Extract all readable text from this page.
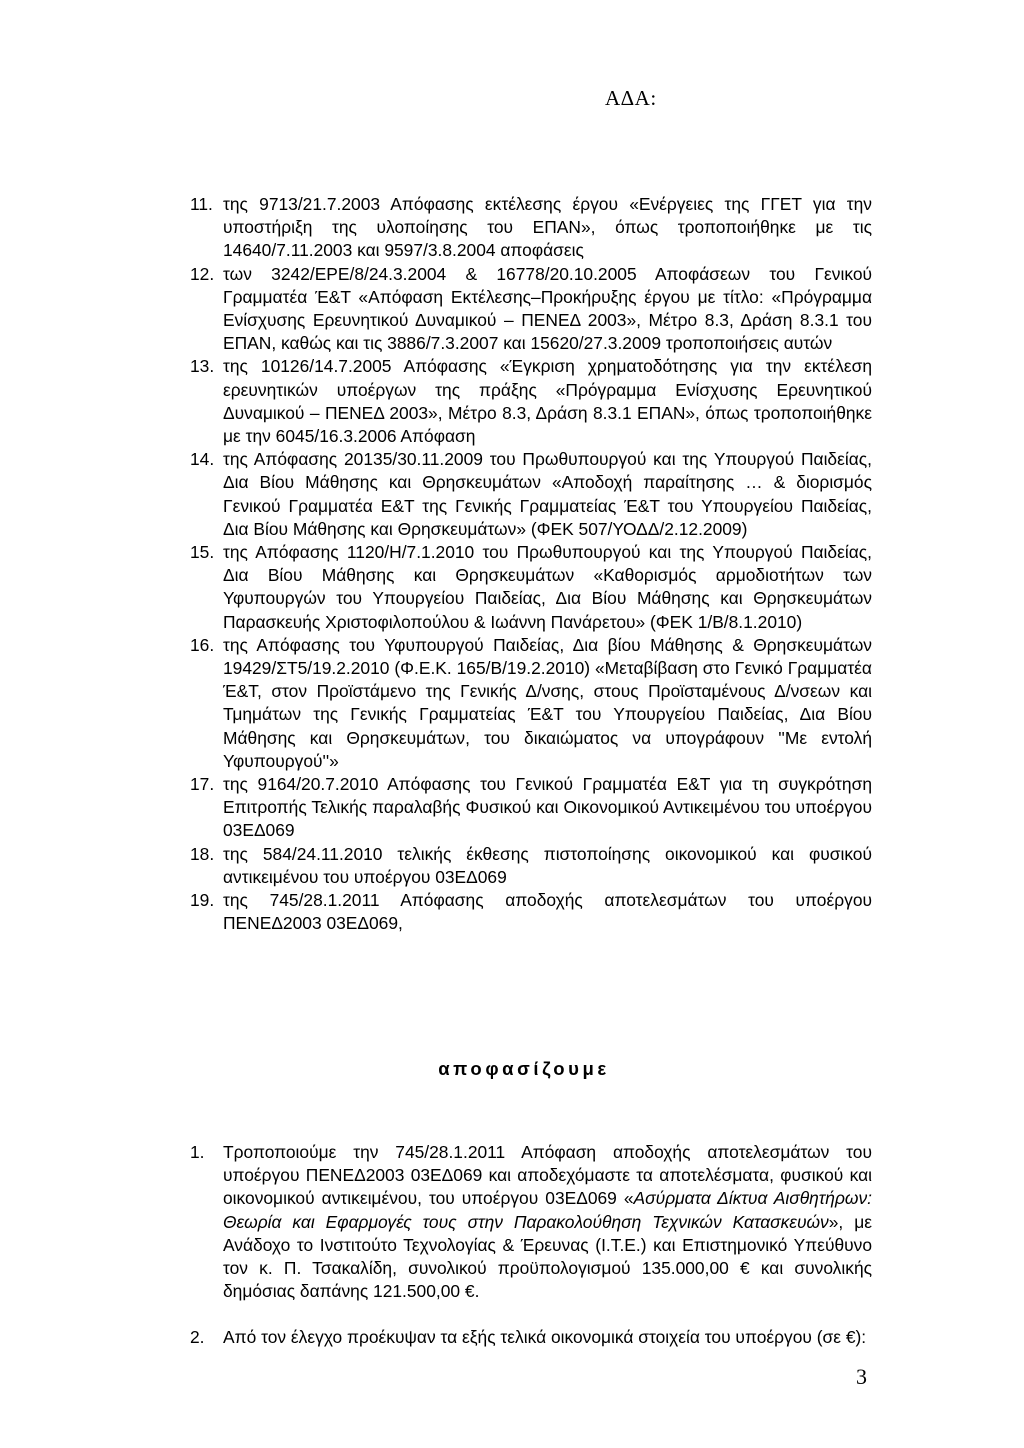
ΑΔΑ:
11. της 9713/21.7.2003 Απόφασης εκτέλεσης έργου «Ενέργειες της ΓΓΕΤ για την υποστήριξη της υλοποίησης του ΕΠΑΝ», όπως τροποποιήθηκε με τις 14640/7.11.2003 και 9597/3.8.2004 αποφάσεις
12. των 3242/ΕΡΕ/8/24.3.2004 & 16778/20.10.2005 Αποφάσεων του Γενικού Γραμματέα Έ&Τ «Απόφαση Εκτέλεσης–Προκήρυξης έργου με τίτλο: «Πρόγραμμα Ενίσχυσης Ερευνητικού Δυναμικού – ΠΕΝΕΔ 2003», Μέτρο 8.3, Δράση 8.3.1 του ΕΠΑΝ, καθώς και τις 3886/7.3.2007 και 15620/27.3.2009 τροποποιήσεις αυτών
13. της 10126/14.7.2005 Απόφασης «Έγκριση χρηματοδότησης για την εκτέλεση ερευνητικών υποέργων της πράξης «Πρόγραμμα Ενίσχυσης Ερευνητικού Δυναμικού – ΠΕΝΕΔ 2003», Μέτρο 8.3, Δράση 8.3.1 ΕΠΑΝ», όπως τροποποιήθηκε με την 6045/16.3.2006 Απόφαση
14. της Απόφασης 20135/30.11.2009 του Πρωθυπουργού και της Υπουργού Παιδείας, Δια Βίου Μάθησης και Θρησκευμάτων «Αποδοχή παραίτησης … & διορισμός Γενικού Γραμματέα Ε&Τ της Γενικής Γραμματείας Έ&Τ του Υπουργείου Παιδείας, Δια Βίου Μάθησης και Θρησκευμάτων» (ΦΕΚ 507/ΥΟΔΔ/2.12.2009)
15. της Απόφασης 1120/Η/7.1.2010 του Πρωθυπουργού και της Υπουργού Παιδείας, Δια Βίου Μάθησης και Θρησκευμάτων «Καθορισμός αρμοδιοτήτων των Υφυπουργών του Υπουργείου Παιδείας, Δια Βίου Μάθησης και Θρησκευμάτων Παρασκευής Χριστοφιλοπούλου & Ιωάννη Πανάρετου» (ΦΕΚ 1/Β/8.1.2010)
16. της Απόφασης του Υφυπουργού Παιδείας, Δια βίου Μάθησης & Θρησκευμάτων 19429/ΣΤ5/19.2.2010 (Φ.Ε.Κ. 165/Β/19.2.2010) «Μεταβίβαση στο Γενικό Γραμματέα Έ&Τ, στον Προϊστάμενο της Γενικής Δ/νσης, στους Προϊσταμένους Δ/νσεων και Τμημάτων της Γενικής Γραμματείας Έ&Τ του Υπουργείου Παιδείας, Δια Βίου Μάθησης και Θρησκευμάτων, του δικαιώματος να υπογράφουν ''Με εντολή Υφυπουργού''»
17. της 9164/20.7.2010 Απόφασης του Γενικού Γραμματέα Ε&Τ για τη συγκρότηση Επιτροπής Τελικής παραλαβής Φυσικού και Οικονομικού Αντικειμένου του υποέργου 03ΕΔ069
18. της 584/24.11.2010 τελικής έκθεσης πιστοποίησης οικονομικού και φυσικού αντικειμένου του υποέργου 03ΕΔ069
19. της 745/28.1.2011 Απόφασης αποδοχής αποτελεσμάτων του υποέργου ΠΕΝΕΔ2003 03ΕΔ069,
αποφασίζουμε
1.	Τροποποιούμε την 745/28.1.2011 Απόφαση αποδοχής αποτελεσμάτων του υποέργου ΠΕΝΕΔ2003 03ΕΔ069 και αποδεχόμαστε τα αποτελέσματα, φυσικού και οικονομικού αντικειμένου, του υποέργου 03ΕΔ069 «Ασύρματα Δίκτυα Αισθητήρων: Θεωρία και Εφαρμογές τους στην Παρακολούθηση Τεχνικών Κατασκευών», με Ανάδοχο το Ινστιτούτο Τεχνολογίας & Έρευνας (Ι.Τ.Ε.) και Επιστημονικό Υπεύθυνο τον κ. Π. Τσακαλίδη, συνολικού προϋπολογισμού 135.000,00 € και συνολικής δημόσιας δαπάνης 121.500,00 €.
2.	Από τον έλεγχο προέκυψαν τα εξής τελικά οικονομικά στοιχεία του υποέργου (σε €):
3
